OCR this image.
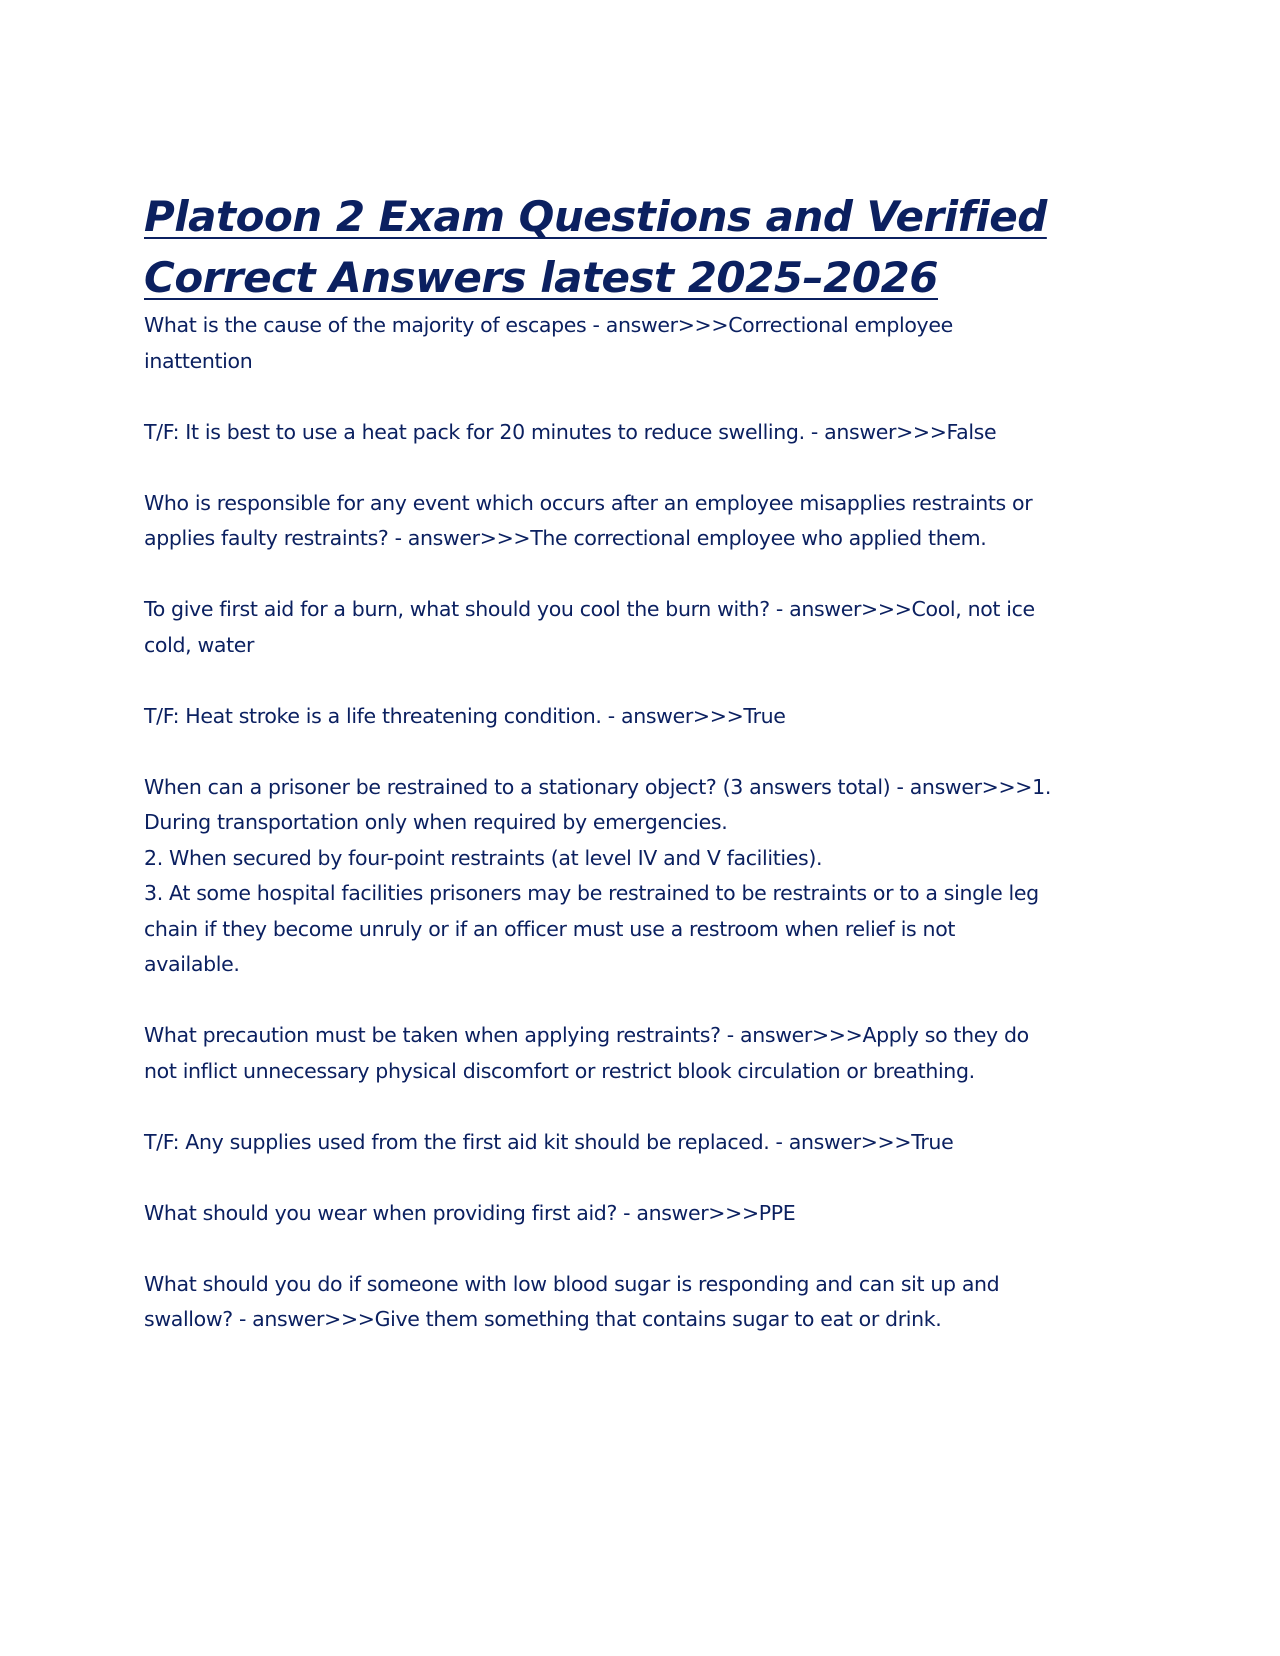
Platoon 2 Exam Questions and Verified
Correct Answers latest 2025–2026

What is the cause of the majority of escapes - answer>>>Correctional employee
inattention

T/F: It is best to use a heat pack for 20 minutes to reduce swelling. - answer>>>False

Who is responsible for any event which occurs after an employee misapplies restraints or
applies faulty restraints? - answer>>>The correctional employee who applied them.

To give first aid for a burn, what should you cool the burn with? - answer>>>Cool, not ice
cold, water

T/F: Heat stroke is a life threatening condition. - answer>>>True

When can a prisoner be restrained to a stationary object? (3 answers total) - answer>>>1.
During transportation only when required by emergencies.
2. When secured by four-point restraints (at level IV and V facilities).
3. At some hospital facilities prisoners may be restrained to be restraints or to a single leg
chain if they become unruly or if an officer must use a restroom when relief is not
available.

What precaution must be taken when applying restraints? - answer>>>Apply so they do
not inflict unnecessary physical discomfort or restrict blook circulation or breathing.

T/F: Any supplies used from the first aid kit should be replaced. - answer>>>True

What should you wear when providing first aid? - answer>>>PPE

What should you do if someone with low blood sugar is responding and can sit up and
swallow? - answer>>>Give them something that contains sugar to eat or drink.
